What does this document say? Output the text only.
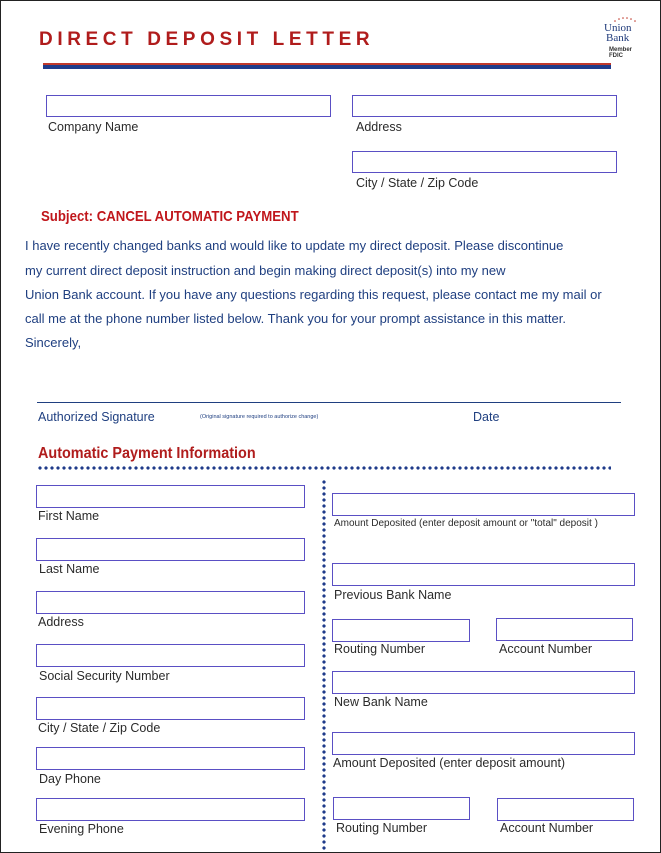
DIRECT DEPOSIT LETTER
Union
Bank
Member FDIC
Company Name	Address
City / State / Zip Code
Subject: CANCEL AUTOMATIC PAYMENT
I have recently changed banks and would like to update my direct deposit. Please discontinue
my current direct deposit instruction and begin making direct deposit(s) into my new
Union Bank account. If you have any questions regarding this request, please contact me my mail or
call me at the phone number listed below. Thank you for your prompt assistance in this matter.
Sincerely,
Authorized Signature	(Original signature required to authorize change)	Date
Automatic Payment Information
First Name
Last Name
Address
Social Security Number
City / State / Zip Code
Day Phone
Evening Phone
Amount Deposited (enter deposit amount or "total" deposit )
Previous Bank Name
Routing Number	Account Number
New Bank Name
Amount Deposited (enter deposit amount)
Routing Number	Account Number
